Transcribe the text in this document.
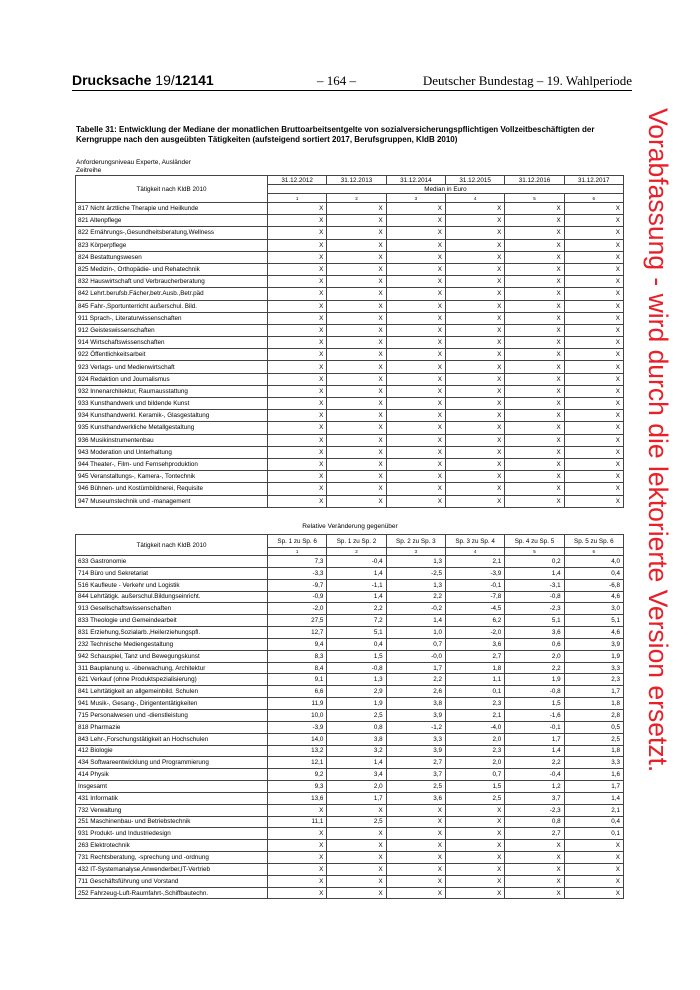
Drucksache 19/12141	– 164 –	Deutscher Bundestag – 19. Wahlperiode
Vorabfassung - wird durch die lektorierte Version ersetzt.
Tabelle 31: Entwicklung der Mediane der monatlichen Bruttoarbeitsentgelte von sozialversicherungspflichtigen Vollzeitbeschäftigten der Kerngruppe nach den ausgeübten Tätigkeiten (aufsteigend sortiert 2017, Berufsgruppen, KldB 2010)
Anforderungsniveau Experte, Ausländer
Zeitreihe
Tätigkeit nach KldB 2010	31.12.2012	31.12.2013	31.12.2014	31.12.2015	31.12.2016	31.12.2017
	Median in Euro					
	1	2	3	4	5	6
817 Nicht ärztliche Therapie und Heilkunde	X	X	X	X	X	X
821 Altenpflege	X	X	X	X	X	X
822 Ernährungs-,Gesundheitsberatung,Wellness	X	X	X	X	X	X
823 Körperpflege	X	X	X	X	X	X
824 Bestattungswesen	X	X	X	X	X	X
825 Medizin-, Orthopädie- und Rehatechnik	X	X	X	X	X	X
832 Hauswirtschaft und Verbraucherberatung	X	X	X	X	X	X
842 Lehrt.berufsb.Fächer,betr.Ausb.,Betr.päd	X	X	X	X	X	X
845 Fahr-,Sportunterricht außerschul. Bild.	X	X	X	X	X	X
911 Sprach-, Literaturwissenschaften	X	X	X	X	X	X
912 Geisteswissenschaften	X	X	X	X	X	X
914 Wirtschaftswissenschaften	X	X	X	X	X	X
922 Öffentlichkeitsarbeit	X	X	X	X	X	X
923 Verlags- und Medienwirtschaft	X	X	X	X	X	X
924 Redaktion und Journalismus	X	X	X	X	X	X
932 Innenarchitektur, Raumausstattung	X	X	X	X	X	X
933 Kunsthandwerk und bildende Kunst	X	X	X	X	X	X
934 Kunsthandwerkl. Keramik-, Glasgestaltung	X	X	X	X	X	X
935 Kunsthandwerkliche Metallgestaltung	X	X	X	X	X	X
936 Musikinstrumentenbau	X	X	X	X	X	X
943 Moderation und Unterhaltung	X	X	X	X	X	X
944 Theater-, Film- und Fernsehproduktion	X	X	X	X	X	X
945 Veranstaltungs-, Kamera-, Tontechnik	X	X	X	X	X	X
946 Bühnen- und Kostümbildnerei, Requisite	X	X	X	X	X	X
947 Museumstechnik und -management	X	X	X	X	X	X
Relative Veränderung gegenüber
Tätigkeit nach KldB 2010	Sp. 1 zu Sp. 6	Sp. 1 zu Sp. 2	Sp. 2 zu Sp. 3	Sp. 3 zu Sp. 4	Sp. 4 zu Sp. 5	Sp. 5 zu Sp. 6
	1	2	3	4	5	6
633 Gastronomie	7,3	-0,4	1,3	2,1	0,2	4,0
714 Büro und Sekretariat	-3,3	1,4	-2,5	-3,9	1,4	0,4
516 Kaufleute - Verkehr und Logistik	-9,7	-1,1	1,3	-0,1	-3,1	-6,8
844 Lehrtätigk. außerschul.Bildungseinricht.	-0,9	1,4	2,2	-7,8	-0,8	4,6
913 Gesellschaftswissenschaften	-2,0	2,2	-0,2	-4,5	-2,3	3,0
833 Theologie und Gemeindearbeit	27,5	7,2	1,4	6,2	5,1	5,1
831 Erziehung,Sozialarb.,Heilerziehungspfl.	12,7	5,1	1,0	-2,0	3,6	4,6
232 Technische Mediengestaltung	9,4	0,4	0,7	3,6	0,6	3,9
942 Schauspiel, Tanz und Bewegungskunst	8,3	1,5	-0,0	2,7	2,0	1,9
311 Bauplanung u. -überwachung, Architektur	8,4	-0,8	1,7	1,8	2,2	3,3
621 Verkauf (ohne Produktspezialisierung)	9,1	1,3	2,2	1,1	1,9	2,3
841 Lehrtätigkeit an allgemeinbild. Schulen	6,6	2,9	2,6	0,1	-0,8	1,7
941 Musik-, Gesang-, Dirigententätigkeiten	11,9	1,9	3,8	2,3	1,5	1,8
715 Personalwesen und -dienstleistung	10,0	2,5	3,9	2,1	-1,6	2,8
818 Pharmazie	-3,9	0,8	-1,2	-4,0	-0,1	0,5
843 Lehr-,Forschungstätigkeit an Hochschulen	14,0	3,8	3,3	2,0	1,7	2,5
412 Biologie	13,2	3,2	3,9	2,3	1,4	1,8
434 Softwareentwicklung und Programmierung	12,1	1,4	2,7	2,0	2,2	3,3
414 Physik	9,2	3,4	3,7	0,7	-0,4	1,6
Insgesamt	9,3	2,0	2,5	1,5	1,2	1,7
431 Informatik	13,6	1,7	3,6	2,5	3,7	1,4
732 Verwaltung	X	X	X	X	-2,3	2,1
251 Maschinenbau- und Betriebstechnik	11,1	2,5	X	X	0,8	0,4
931 Produkt- und Industriedesign	X	X	X	X	2,7	0,1
263 Elektrotechnik	X	X	X	X	X	X
731 Rechtsberatung, -sprechung und -ordnung	X	X	X	X	X	X
432 IT-Systemanalyse,Anwenderber,IT-Vertrieb	X	X	X	X	X	X
711 Geschäftsführung und Vorstand	X	X	X	X	X	X
252 Fahrzeug-Luft-Raumfahrt-,Schiffbautechn.	X	X	X	X	X	X
